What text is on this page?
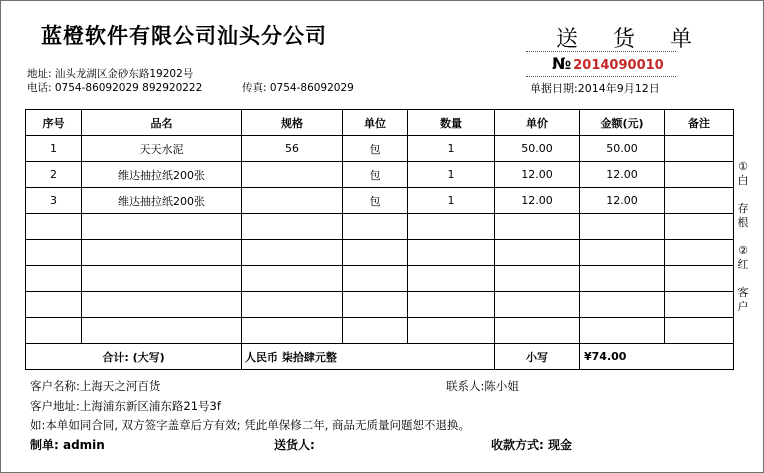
蓝橙软件有限公司汕头分公司	送 货 单
№ 2014090010
单据日期:2014年9月12日
地址: 汕头龙湖区金砂东路19202号
电话: 0754-86092029 892920222	传真: 0754-86092029
序号	品名	规格	单位	数量	单价	金额(元)	备注
1	天天水泥	56	包	1	50.00	50.00	
2	维达抽拉纸200张		包	1	12.00	12.00	
3	维达抽拉纸200张		包	1	12.00	12.00	

合计: (大写)		人民币 柒拾肆元整			小写	¥74.00	
①
白
存
根
②
红
客
户
客户名称:上海天之河百货	联系人:陈小姐
客户地址:上海浦东新区浦东路21号3f
如:本单如同合同, 双方签字盖章后方有效; 凭此单保修二年, 商品无质量问题恕不退换。
制单: admin	送货人:	收款方式: 现金
